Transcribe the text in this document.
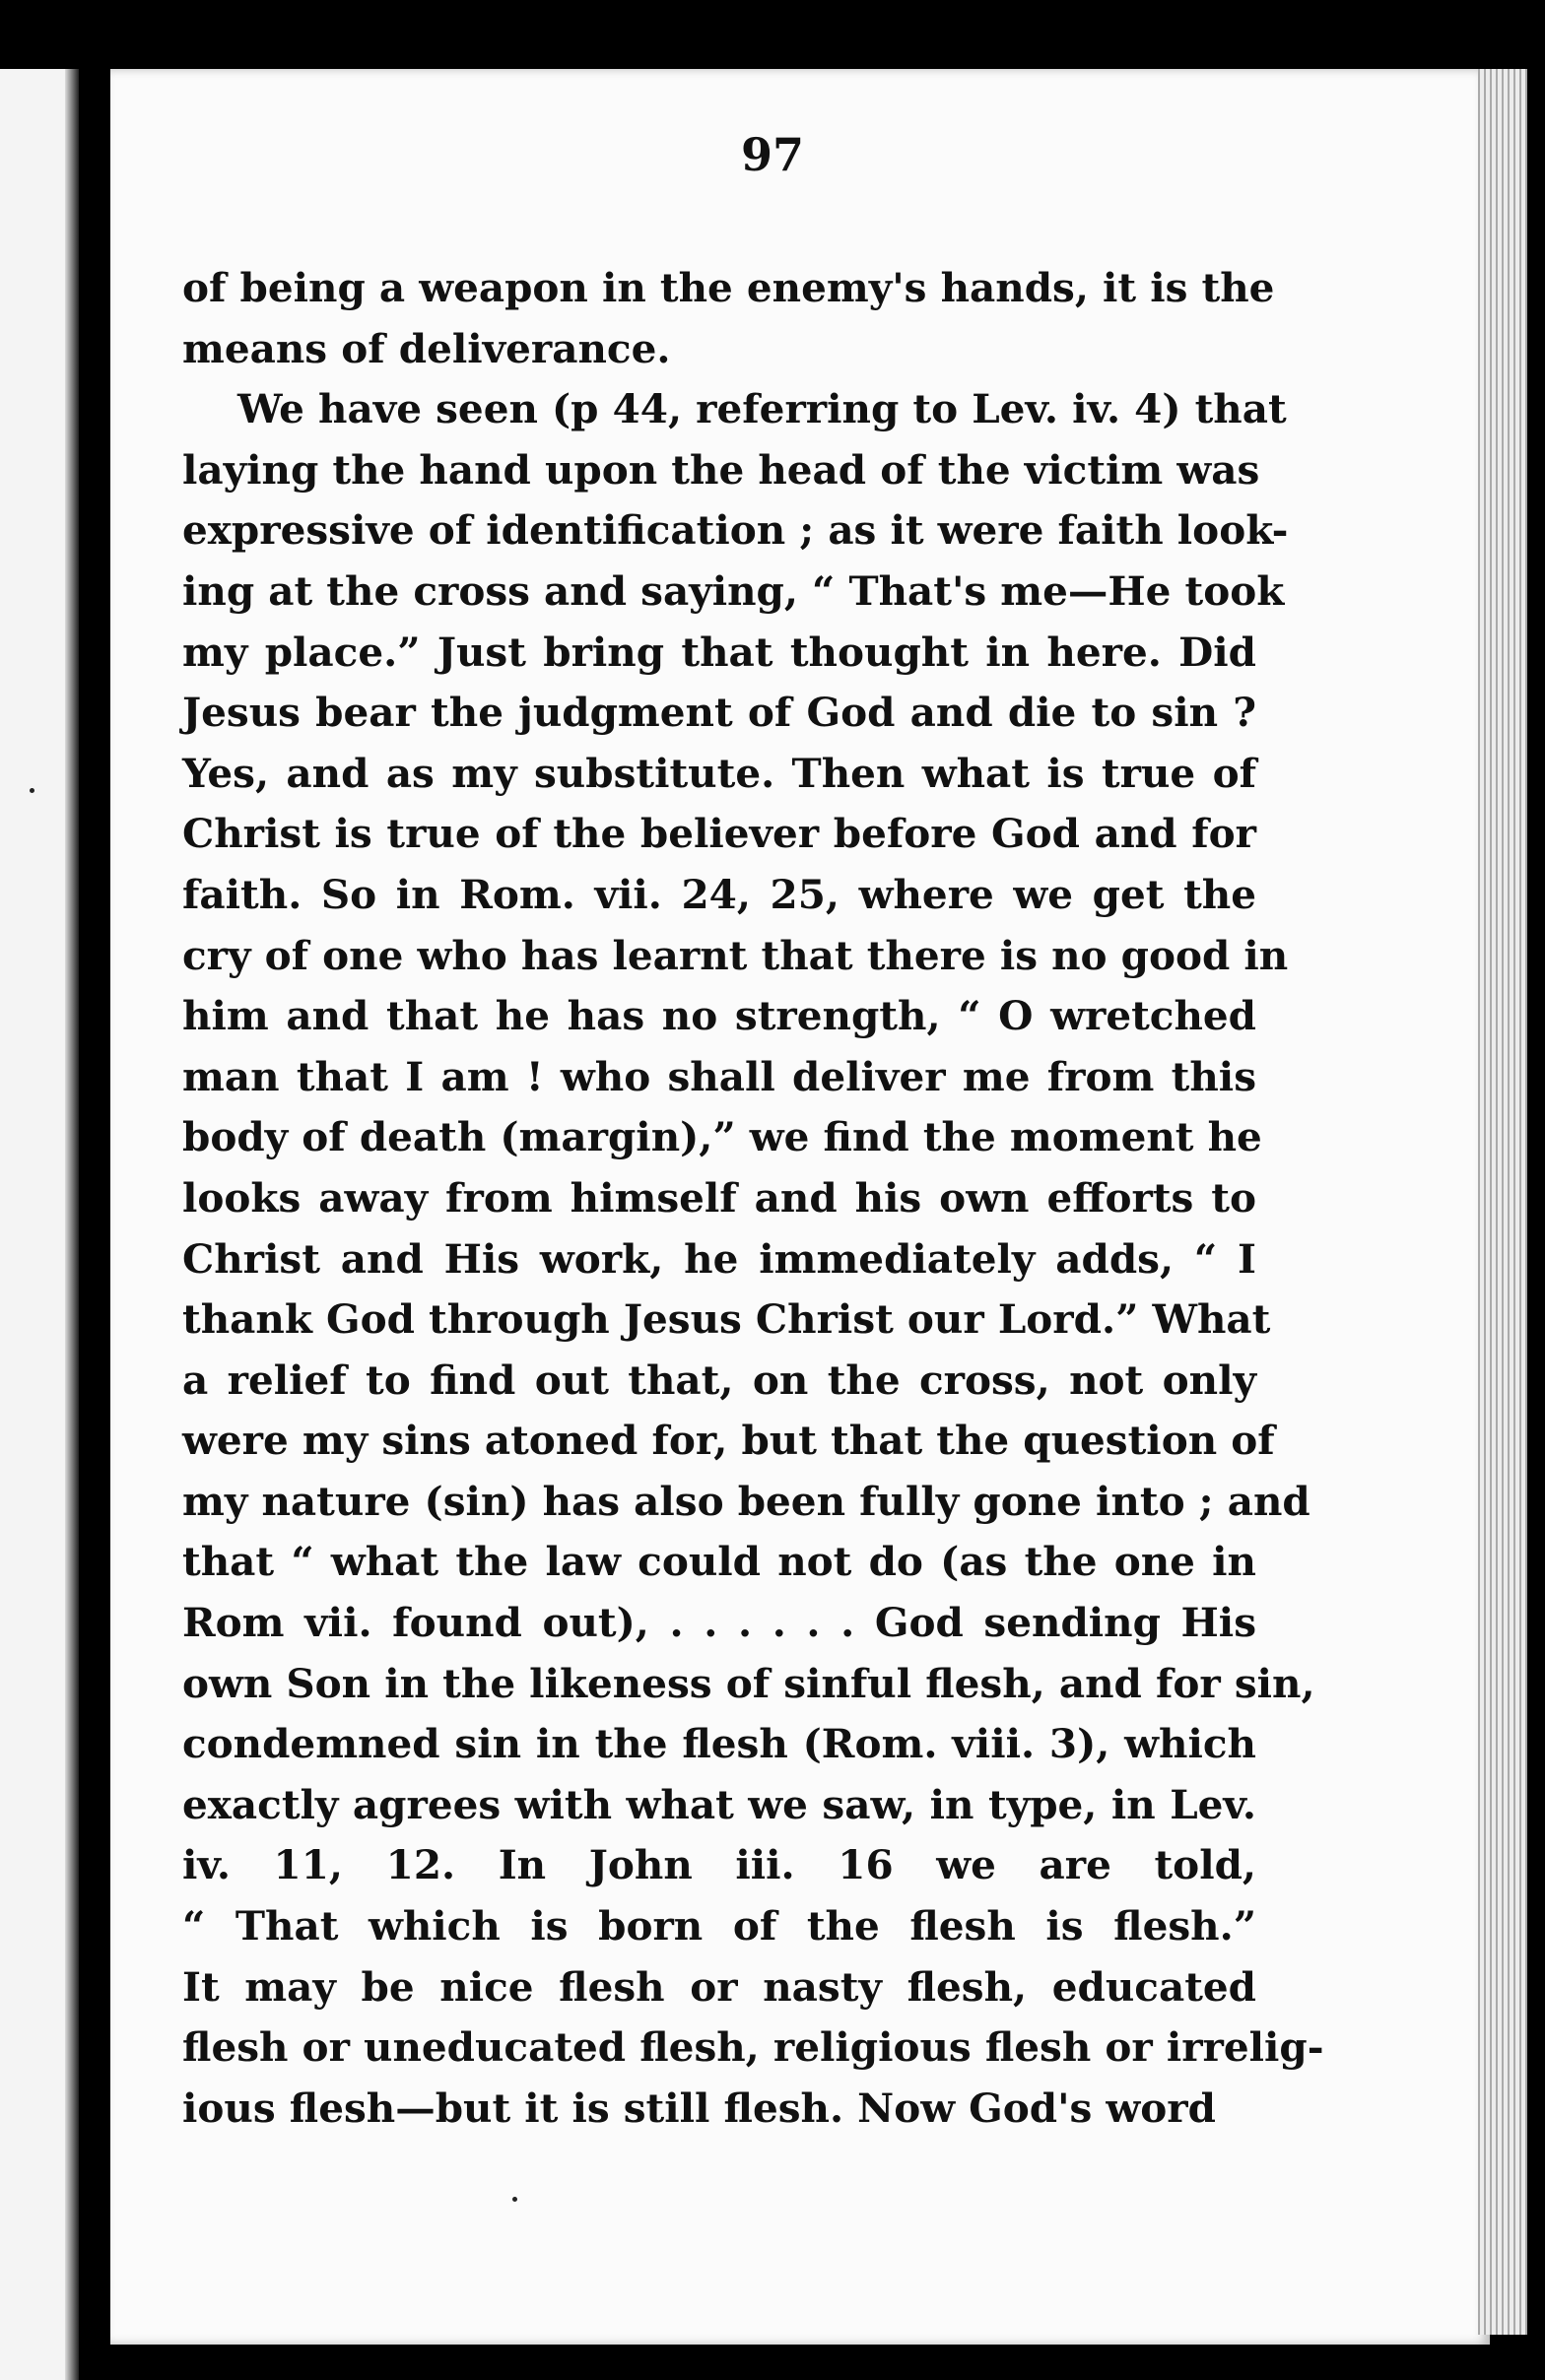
97
of being a weapon in the enemy's hands, it is the
means of deliverance.
We have seen (p 44, referring to Lev. iv. 4) that
laying the hand upon the head of the victim was
expressive of identification ; as it were faith look-
ing at the cross and saying, “ That's me—He took
my place.” Just bring that thought in here. Did
Jesus bear the judgment of God and die to sin ?
Yes, and as my substitute. Then what is true of
Christ is true of the believer before God and for
faith. So in Rom. vii. 24, 25, where we get the
cry of one who has learnt that there is no good in
him and that he has no strength, “ O wretched
man that I am ! who shall deliver me from this
body of death (margin),” we find the moment he
looks away from himself and his own efforts to
Christ and His work, he immediately adds, “ I
thank God through Jesus Christ our Lord.” What
a relief to find out that, on the cross, not only
were my sins atoned for, but that the question of
my nature (sin) has also been fully gone into ; and
that “ what the law could not do (as the one in
Rom vii. found out), . . . . . . God sending His
own Son in the likeness of sinful flesh, and for sin,
condemned sin in the flesh (Rom. viii. 3), which
exactly agrees with what we saw, in type, in Lev.
iv. 11, 12. In John iii. 16 we are told,
“ That which is born of the flesh is flesh.”
It may be nice flesh or nasty flesh, educated
flesh or uneducated flesh, religious flesh or irrelig-
ious flesh—but it is still flesh. Now God's word
